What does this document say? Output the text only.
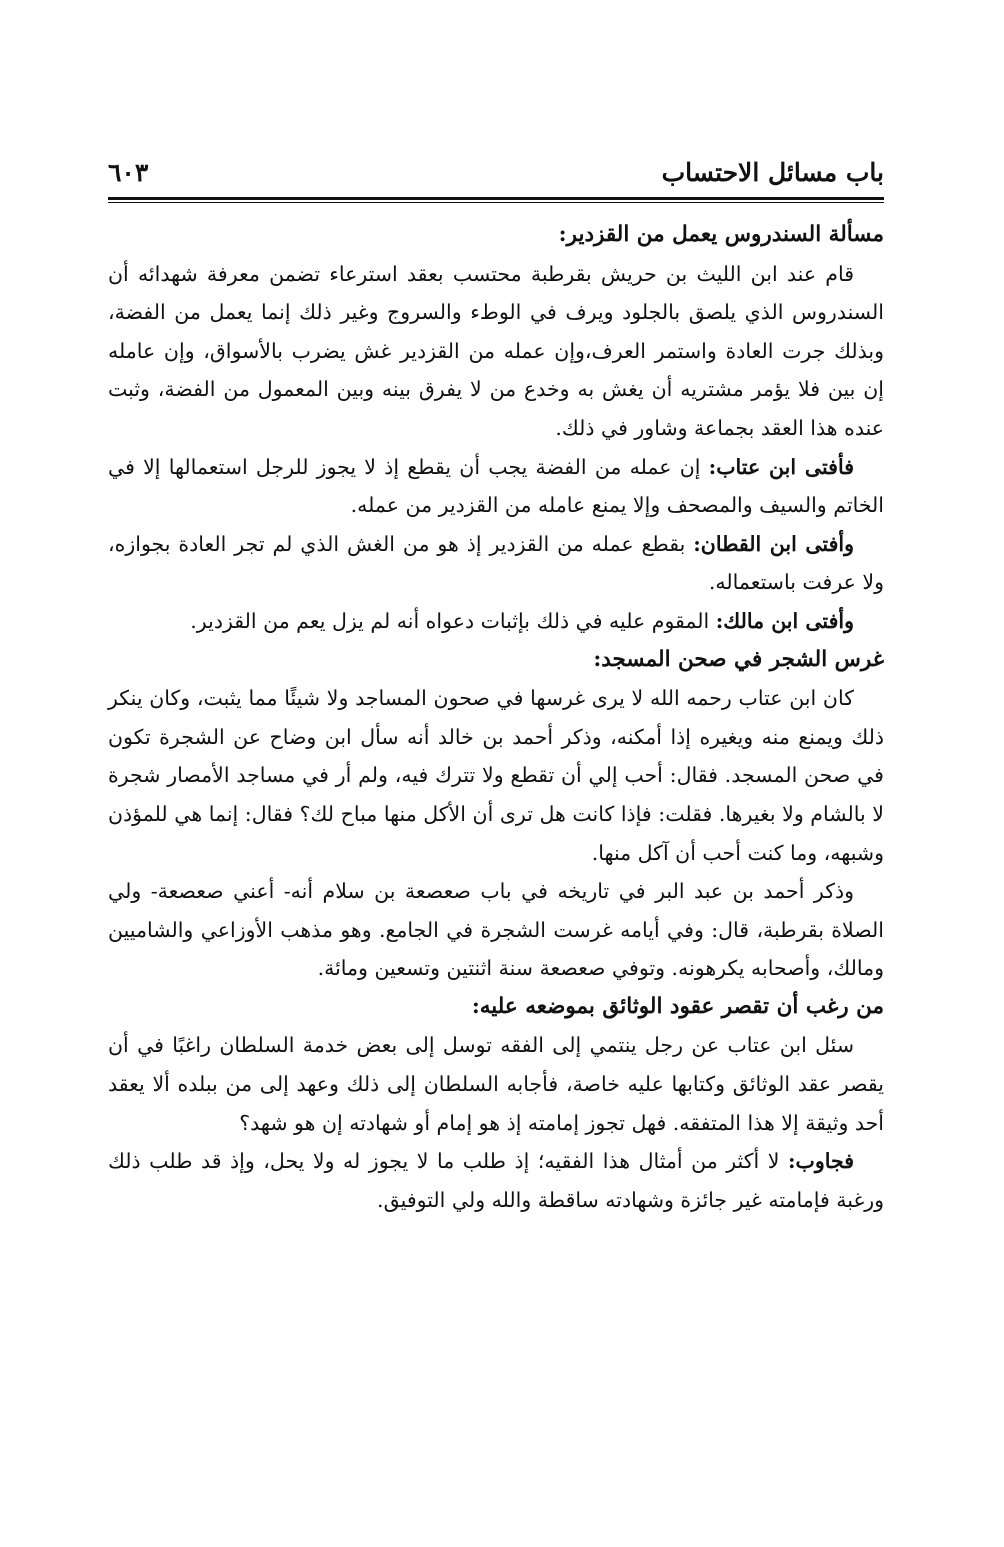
٦٠٣	باب مسائل الاحتساب
مسألة السندروس يعمل من القزدير:

قام عند ابن الليث بن حريش بقرطبة محتسب بعقد استرعاء تضمن معرفة شهدائه أن السندروس الذي يلصق بالجلود ويرف في الوطء والسروج وغير ذلك إنما يعمل من الفضة، وبذلك جرت العادة واستمر العرف،وإن عمله من القزدير غش يضرب بالأسواق، وإن عامله إن بين فلا يؤمر مشتريه أن يغش به وخدع من لا يفرق بينه وبين المعمول من الفضة، وثبت عنده هذا العقد بجماعة وشاور في ذلك.

فأفتى ابن عتاب: إن عمله من الفضة يجب أن يقطع إذ لا يجوز للرجل استعمالها إلا في الخاتم والسيف والمصحف وإلا يمنع عامله من القزدير من عمله.

وأفتى ابن القطان: بقطع عمله من القزدير إذ هو من الغش الذي لم تجر العادة بجوازه، ولا عرفت باستعماله.

وأفتى ابن مالك: المقوم عليه في ذلك بإثبات دعواه أنه لم يزل يعم من القزدير.

غرس الشجر في صحن المسجد:

كان ابن عتاب رحمه الله لا يرى غرسها في صحون المساجد ولا شيئًا مما يثبت، وكان ينكر ذلك ويمنع منه ويغيره إذا أمكنه، وذكر أحمد بن خالد أنه سأل ابن وضاح عن الشجرة تكون في صحن المسجد. فقال: أحب إلي أن تقطع ولا تترك فيه، ولم أر في مساجد الأمصار شجرة لا بالشام ولا بغيرها. فقلت: فإذا كانت هل ترى أن الأكل منها مباح لك؟ فقال: إنما هي للمؤذن وشبهه، وما كنت أحب أن آكل منها.

وذكر أحمد بن عبد البر في تاريخه في باب صعصعة بن سلام أنه- أعني صعصعة- ولي الصلاة بقرطبة، قال: وفي أيامه غرست الشجرة في الجامع. وهو مذهب الأوزاعي والشاميين ومالك، وأصحابه يكرهونه. وتوفي صعصعة سنة اثنتين وتسعين ومائة.

من رغب أن تقصر عقود الوثائق بموضعه عليه:

سئل ابن عتاب عن رجل ينتمي إلى الفقه توسل إلى بعض خدمة السلطان راغبًا في أن يقصر عقد الوثائق وكتابها عليه خاصة، فأجابه السلطان إلى ذلك وعهد إلى من ببلده ألا يعقد أحد وثيقة إلا هذا المتفقه. فهل تجوز إمامته إذ هو إمام أو شهادته إن هو شهد؟

فجاوب: لا أكثر من أمثال هذا الفقيه؛ إذ طلب ما لا يجوز له ولا يحل، وإذ قد طلب ذلك ورغبة فإمامته غير جائزة وشهادته ساقطة والله ولي التوفيق.
